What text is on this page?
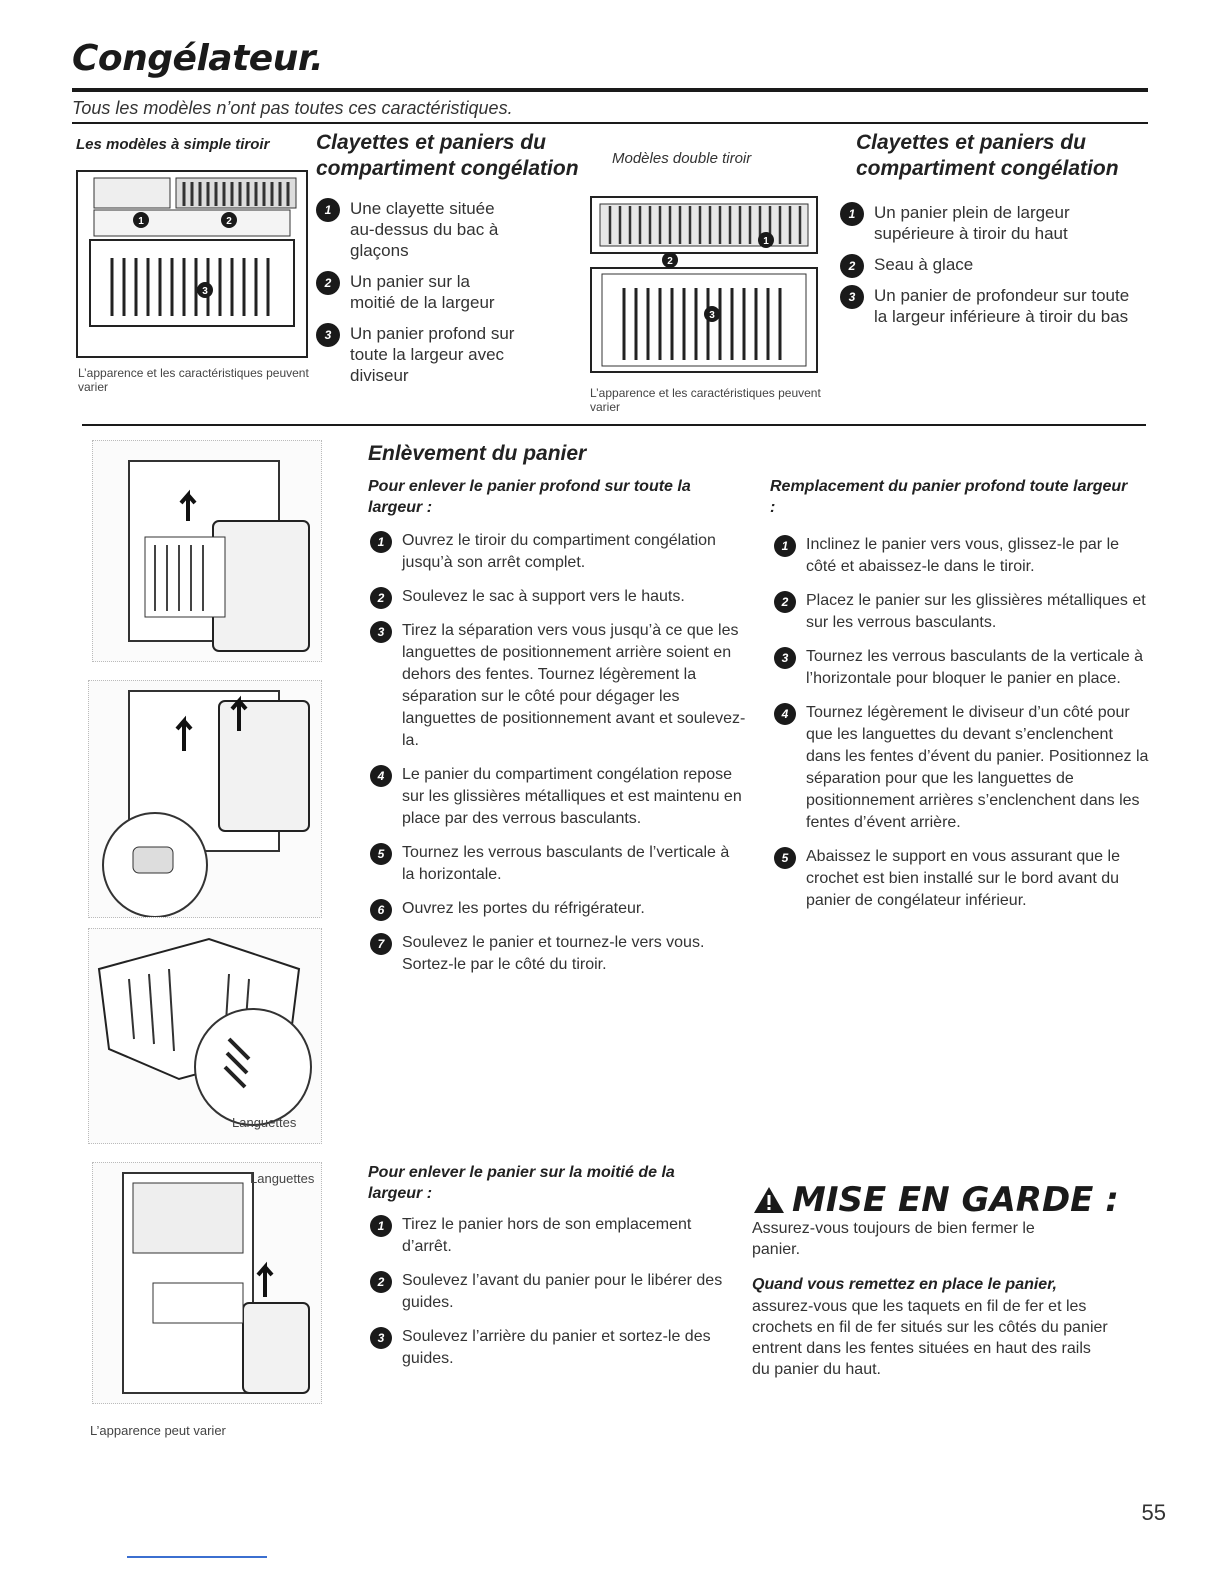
Congélateur.
Tous les modèles n’ont pas toutes ces caractéristiques.
Les modèles à simple tiroir Clayettes et paniers du
compartiment congélation
1	2
3
L’apparence et les caractéristiques peuvent varier
1	Une clayette située au-dessus du bac à glaçons
2	Un panier sur la moitié de la largeur
3	Un panier profond sur toute la largeur avec diviseur
Modèles double tiroir
Clayettes et paniers du
compartiment congélation
1
2
3
L’apparence et les caractéristiques peuvent varier
1	Un panier plein de largeur supérieure à tiroir du haut
2	Seau à glace
3	Un panier de profondeur sur toute la largeur inférieure à tiroir du bas
Languettes
Languettes
L’apparence peut varier
Enlèvement du panier
Pour enlever le panier profond sur toute la largeur :
1	Ouvrez le tiroir du compartiment congélation jusqu’à son arrêt complet.
2	Soulevez le sac à support vers le hauts.
3	Tirez la séparation vers vous jusqu’à ce que les languettes de positionnement arrière soient en dehors des fentes. Tournez légèrement la séparation sur le côté pour dégager les languettes de positionnement avant et soulevez-la.
4	Le panier du compartiment congélation repose sur les glissières métalliques et est maintenu en place par des verrous basculants.
5	Tournez les verrous basculants de l’verticale à la horizontale.
6	Ouvrez les portes du réfrigérateur.
7	Soulevez le panier et tournez-le vers vous. Sortez-le par le côté du tiroir.
Remplacement du panier profond toute largeur :
1	Inclinez le panier vers vous, glissez-le par le côté et abaissez-le dans le tiroir.
2	Placez le panier sur les glissières métalliques et sur les verrous basculants.
3	Tournez les verrous basculants de la verticale à l’horizontale pour bloquer le panier en place.
4	Tournez légèrement le diviseur d’un côté pour que les languettes du devant s’enclenchent dans les fentes d’évent du panier. Positionnez la séparation pour que les languettes de positionnement arrières s’enclenchent dans les fentes d’évent arrière.
5	Abaissez le support en vous assurant que le crochet est bien installé sur le bord avant du panier de congélateur inférieur.
Pour enlever le panier sur la moitié de la largeur :
1	Tirez le panier hors de son emplacement d’arrêt.
2	Soulevez l’avant du panier pour le libérer des guides.
3	Soulevez l’arrière du panier et sortez-le des guides.
MISE EN GARDE :
Assurez-vous toujours de bien fermer le panier.
Quand vous remettez en place le panier,
assurez-vous que les taquets en fil de fer et les crochets en fil de fer situés sur les côtés du panier entrent dans les fentes situées en haut des rails du panier du haut.
55
